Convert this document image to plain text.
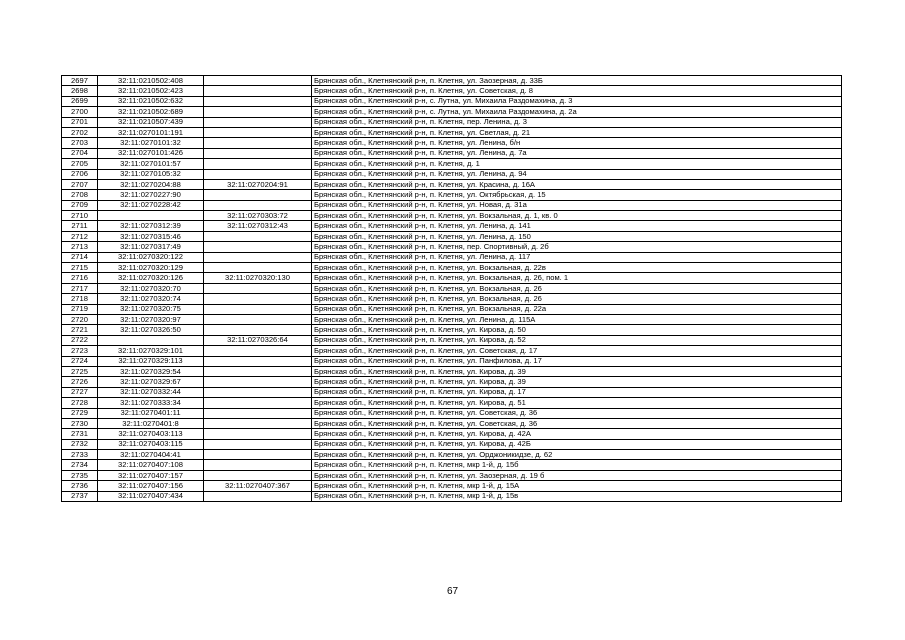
2697	32:11:0210502:408		Брянская обл., Клетнянский р-н, п. Клетня, ул. Заозерная, д. 33Б
2698	32:11:0210502:423		Брянская обл., Клетнянский р-н, п. Клетня, ул. Советская, д. 8
2699	32:11:0210502:632		Брянская обл., Клетнянский р-н, с. Лутна, ул. Михаила Раздомахина, д. 3
2700	32:11:0210502:689		Брянская обл., Клетнянский р-н, с. Лутна, ул. Михаила Раздомахина, д. 2а
2701	32:11:0210507:439		Брянская обл., Клетнянский р-н, п. Клетня, пер. Ленина, д. 3
2702	32:11:0270101:191		Брянская обл., Клетнянский р-н, п. Клетня, ул. Светлая, д. 21
2703	32:11:0270101:32		Брянская обл., Клетнянский р-н, п. Клетня, ул. Ленина, б/н
2704	32:11:0270101:426		Брянская обл., Клетнянский р-н, п. Клетня, ул. Ленина, д. 7а
2705	32:11:0270101:57		Брянская обл., Клетнянский р-н, п. Клетня, д. 1
2706	32:11:0270105:32		Брянская обл., Клетнянский р-н, п. Клетня, ул. Ленина, д. 94
2707	32:11:0270204:88	32:11:0270204:91	Брянская обл., Клетнянский р-н, п. Клетня, ул. Красина, д. 16А
2708	32:11:0270227:90		Брянская обл., Клетнянский р-н, п. Клетня, ул. Октябрьская, д. 15
2709	32:11:0270228:42		Брянская обл., Клетнянский р-н, п. Клетня, ул. Новая, д. 31а
2710		32:11:0270303:72	Брянская обл., Клетнянский р-н, п. Клетня, ул. Вокзальная, д. 1, кв. 0
2711	32:11:0270312:39	32:11:0270312:43	Брянская обл., Клетнянский р-н, п. Клетня, ул. Ленина, д. 141
2712	32:11:0270315:46		Брянская обл., Клетнянский р-н, п. Клетня, ул. Ленина, д. 150
2713	32:11:0270317:49		Брянская обл., Клетнянский р-н, п. Клетня, пер. Спортивный, д. 2б
2714	32:11:0270320:122		Брянская обл., Клетнянский р-н, п. Клетня, ул. Ленина, д. 117
2715	32:11:0270320:129		Брянская обл., Клетнянский р-н, п. Клетня, ул. Вокзальная, д. 22в
2716	32:11:0270320:126	32:11:0270320:130	Брянская обл., Клетнянский р-н, п. Клетня, ул. Вокзальная, д. 26, пом. 1
2717	32:11:0270320:70		Брянская обл., Клетнянский р-н, п. Клетня, ул. Вокзальная, д. 26
2718	32:11:0270320:74		Брянская обл., Клетнянский р-н, п. Клетня, ул. Вокзальная, д. 26
2719	32:11:0270320:75		Брянская обл., Клетнянский р-н, п. Клетня, ул. Вокзальная, д. 22а
2720	32:11:0270320:97		Брянская обл., Клетнянский р-н, п. Клетня, ул. Ленина, д. 115А
2721	32:11:0270326:50		Брянская обл., Клетнянский р-н, п. Клетня, ул. Кирова, д. 50
2722		32:11:0270326:64	Брянская обл., Клетнянский р-н, п. Клетня, ул. Кирова, д. 52
2723	32:11:0270329:101		Брянская обл., Клетнянский р-н, п. Клетня, ул. Советская, д. 17
2724	32:11:0270329:113		Брянская обл., Клетнянский р-н, п. Клетня, ул. Панфилова, д. 17
2725	32:11:0270329:54		Брянская обл., Клетнянский р-н, п. Клетня, ул. Кирова, д. 39
2726	32:11:0270329:67		Брянская обл., Клетнянский р-н, п. Клетня, ул. Кирова, д. 39
2727	32:11:0270332:44		Брянская обл., Клетнянский р-н, п. Клетня, ул. Кирова, д. 17
2728	32:11:0270333:34		Брянская обл., Клетнянский р-н, п. Клетня, ул. Кирова, д. 51
2729	32:11:0270401:11		Брянская обл., Клетнянский р-н, п. Клетня, ул. Советская, д. 36
2730	32:11:0270401:8		Брянская обл., Клетнянский р-н, п. Клетня, ул. Советская, д. 36
2731	32:11:0270403:113		Брянская обл., Клетнянский р-н, п. Клетня, ул. Кирова, д. 42А
2732	32:11:0270403:115		Брянская обл., Клетнянский р-н, п. Клетня, ул. Кирова, д. 42Б
2733	32:11:0270404:41		Брянская обл., Клетнянский р-н, п. Клетня, ул. Орджоникидзе, д. 62
2734	32:11:0270407:108		Брянская обл., Клетнянский р-н, п. Клетня, мкр 1-й, д. 15б
2735	32:11:0270407:157		Брянская обл., Клетнянский р-н, п. Клетня, ул. Заозерная, д. 19 б
2736	32:11:0270407:156	32:11:0270407:367	Брянская обл., Клетнянский р-н, п. Клетня, мкр 1-й, д. 15А
2737	32:11:0270407:434		Брянская обл., Клетнянский р-н, п. Клетня, мкр 1-й, д. 15в
67
